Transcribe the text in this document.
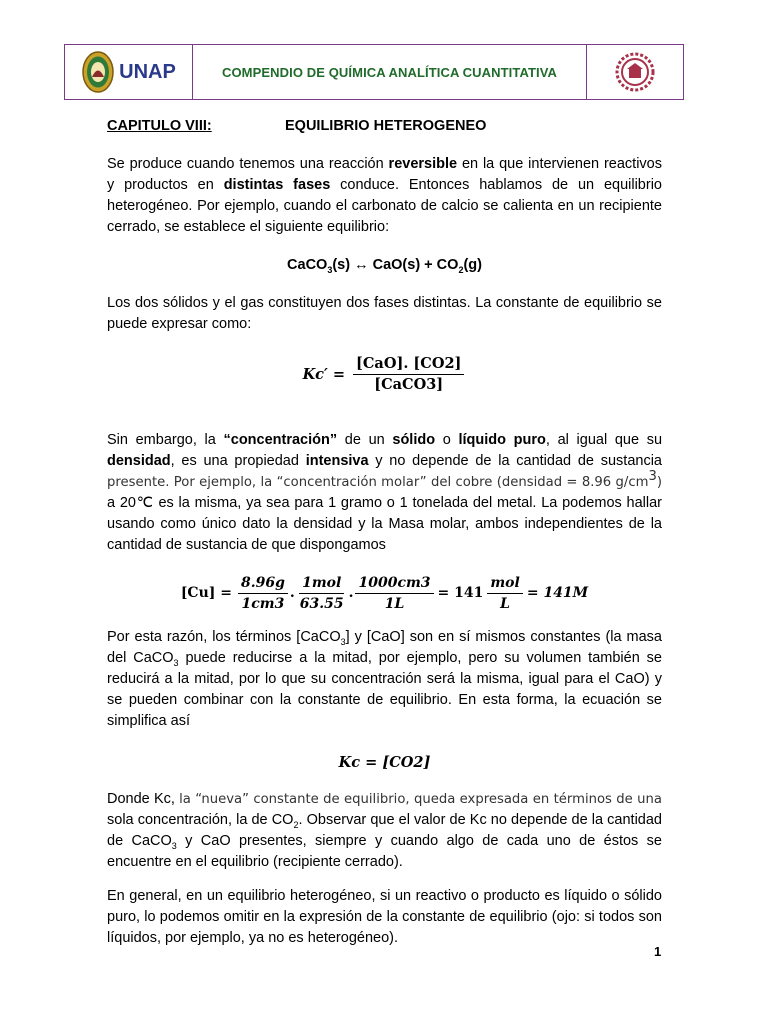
UNAP	COMPENDIO DE QUÍMICA ANALÍTICA CUANTITATIVA
CAPITULO VIII:	EQUILIBRIO HETEROGENEO

Se produce cuando tenemos una reacción reversible en la que intervienen reactivos y productos en distintas fases conduce. Entonces hablamos de un equilibrio heterogéneo. Por ejemplo, cuando el carbonato de calcio se calienta en un recipiente cerrado, se establece el siguiente equilibrio:

CaCO$_3$(s) ↔ $CaO(s) + CO_2(g)$

Los dos sólidos y el gas constituyen dos fases distintas. La constante de equilibrio se puede expresar como:

$Kc' = \frac{\text{[CaO]. [CO2]}}{\text{[CaCO3]}}$

Sin embargo, la “concentración” de un sólido o líquido puro, al igual que su densidad, es una propiedad intensiva y no depende de la cantidad de sustancia presente. Por ejemplo, la “concentración molar” del cobre (densidad = 8.96 $g/cm^3$) a 20℃ es la misma, ya sea para 1 gramo o 1 tonelada del metal. La podemos hallar usando como único dato la densidad y la Masa molar, ambos independientes de la cantidad de sustancia de que dispongamos

$[Cu] = \frac{8.96g}{1cm3}$ . $\frac{\text{1mol}}{63.55}$ . $\frac{1000cm3}{1L} = 141 \frac{\text{mol}}{L} = 141M$

Por esta razón, los términos [CaCO$_3$] y [CaO] son en sí mismos constantes (la masa del CaCO$_3$ puede reducirse a la mitad, por ejemplo, pero su volumen también se reducirá a la mitad, por lo que su concentración será la misma, igual para el CaO) y se pueden combinar con la constante de equilibrio. En esta forma, la ecuación se simplifica así

Kc = [CO2]

Donde Kc, la “nueva” constante de equilibrio, queda expresada en términos de una sola concentración, la de $CO_2$. Observar que el valor de Kc no depende de la cantidad de CaCO$_3$ y CaO presentes, siempre y cuando algo de cada uno de éstos se encuentre en el equilibrio (recipiente cerrado).

En general, en un equilibrio heterogéneo, si un reactivo o producto es líquido o sólido puro, lo podemos omitir en la expresión de la constante de equilibrio (ojo: si todos son líquidos, por ejemplo, ya no es heterogéneo).

1
